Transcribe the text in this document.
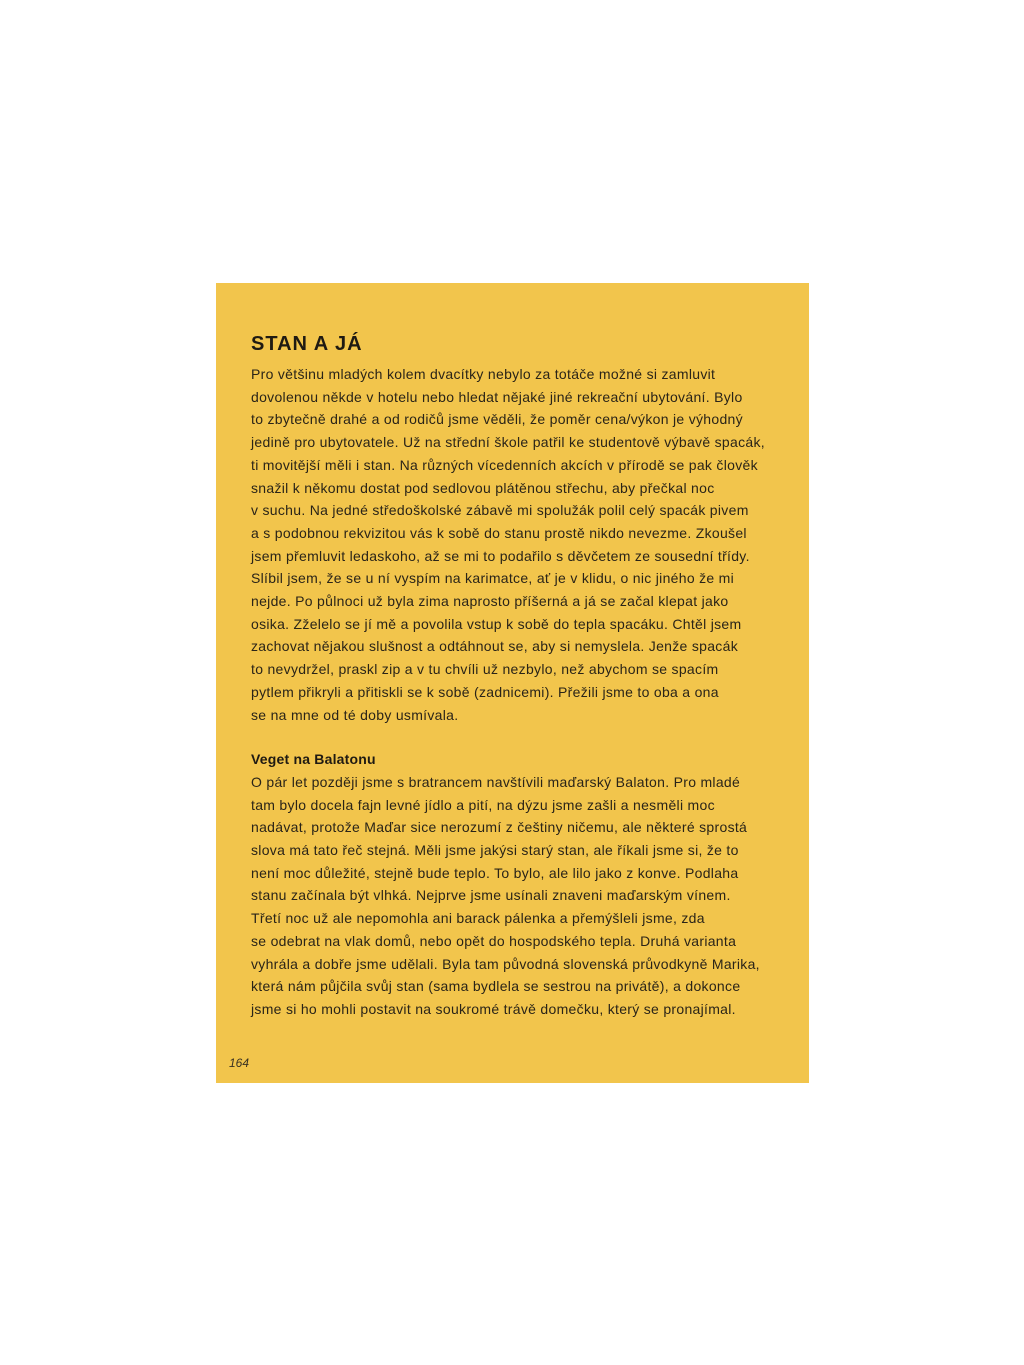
STAN A JÁ
Pro většinu mladých kolem dvacítky nebylo za totáče možné si zamluvit
dovolenou někde v hotelu nebo hledat nějaké jiné rekreační ubytování. Bylo
to zbytečně drahé a od rodičů jsme věděli, že poměr cena/výkon je výhodný
jedině pro ubytovatele. Už na střední škole patřil ke studentově výbavě spacák,
ti movitější měli i stan. Na různých vícedenních akcích v přírodě se pak člověk
snažil k někomu dostat pod sedlovou plátěnou střechu, aby přečkal noc
v suchu. Na jedné středoškolské zábavě mi spolužák polil celý spacák pivem
a s podobnou rekvizitou vás k sobě do stanu prostě nikdo nevezme. Zkoušel
jsem přemluvit ledaskoho, až se mi to podařilo s děvčetem ze sousední třídy.
Slíbil jsem, že se u ní vyspím na karimatce, ať je v klidu, o nic jiného že mi
nejde. Po půlnoci už byla zima naprosto příšerná a já se začal klepat jako
osika. Zželelo se jí mě a povolila vstup k sobě do tepla spacáku. Chtěl jsem
zachovat nějakou slušnost a odtáhnout se, aby si nemyslela. Jenže spacák
to nevydržel, praskl zip a v tu chvíli už nezbylo, než abychom se spacím
pytlem přikryli a přitiskli se k sobě (zadnicemi). Přežili jsme to oba a ona
se na mne od té doby usmívala.
Veget na Balatonu
O pár let později jsme s bratrancem navštívili maďarský Balaton. Pro mladé
tam bylo docela fajn levné jídlo a pití, na dýzu jsme zašli a nesměli moc
nadávat, protože Maďar sice nerozumí z češtiny ničemu, ale některé sprostá
slova má tato řeč stejná. Měli jsme jakýsi starý stan, ale říkali jsme si, že to
není moc důležité, stejně bude teplo. To bylo, ale lilo jako z konve. Podlaha
stanu začínala být vlhká. Nejprve jsme usínali znaveni maďarským vínem.
Třetí noc už ale nepomohla ani barack pálenka a přemýšleli jsme, zda
se odebrat na vlak domů, nebo opět do hospodského tepla. Druhá varianta
vyhrála a dobře jsme udělali. Byla tam původná slovenská průvodkyně Marika,
která nám půjčila svůj stan (sama bydlela se sestrou na privátě), a dokonce
jsme si ho mohli postavit na soukromé trávě domečku, který se pronajímal.
164
